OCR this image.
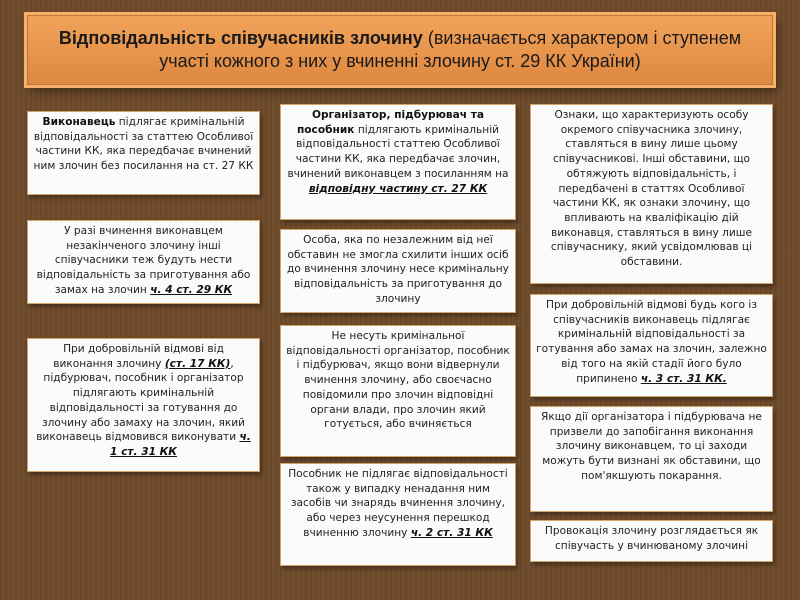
Відповідальність співучасників злочину (визначається характером і ступенем участі кожного з них у вчиненні злочину ст. 29 КК України)
Виконавець підлягає кримінальній відповідальності за статтею Особливої частини КК, яка передбачає вчинений ним злочин без посилання на ст. 27 КК
У разі вчинення виконавцем незакінченого злочину інші співучасники теж будуть нести відповідальність за приготування або замах на злочин ч. 4 ст. 29 КК
При добровільній відмові від виконання злочину (ст. 17 КК), підбурювач, пособник і організатор підлягають кримінальній відповідальності за готування до злочину або замаху на злочин, який виконавець відмовився виконувати ч. 1 ст. 31 КК
Організатор, підбурювач та пособник підлягають кримінальній відповідальності статтею Особливої частини КК, яка передбачає злочин, вчинений виконавцем з посиланням на відповідну частину ст. 27 КК
Особа, яка по незалежним від неї обставин не змогла схилити інших осіб до вчинення злочину несе кримінальну відповідальність за приготування до злочину
Не несуть кримінальної відповідальності організатор, пособник і підбурювач, якщо вони відвернули вчинення злочину, або своєчасно повідомили про злочин відповідні органи влади, про злочин який готується, або вчиняється
Пособник не підлягає відповідальності також у випадку ненадання ним засобів чи знарядь вчинення злочину, або через неусунення перешкод вчиненню злочину ч. 2 ст. 31 КК
Ознаки, що характеризують особу окремого співучасника злочину, ставляться в вину лише цьому співучасникові. Інші обставини, що обтяжують відповідальність, і передбачені в статтях Особливої частини КК, як ознаки злочину, що впливають на кваліфікацію дій виконавця, ставляться в вину лише співучаснику, який усвідомлював ці обставини.
При добровільній відмові будь кого із співучасників виконавець підлягає кримінальній відповідальності за готування або замах на злочин, залежно від того на якій стадії його було припинено ч. 3 ст. 31 КК.
Якщо дії організатора і підбурювача не призвели до запобігання виконання злочину виконавцем, то ці заходи можуть бути визнані як обставини, що пом'якшують покарання.
Провокація злочину розглядається як співучасть у вчинюваному злочині
